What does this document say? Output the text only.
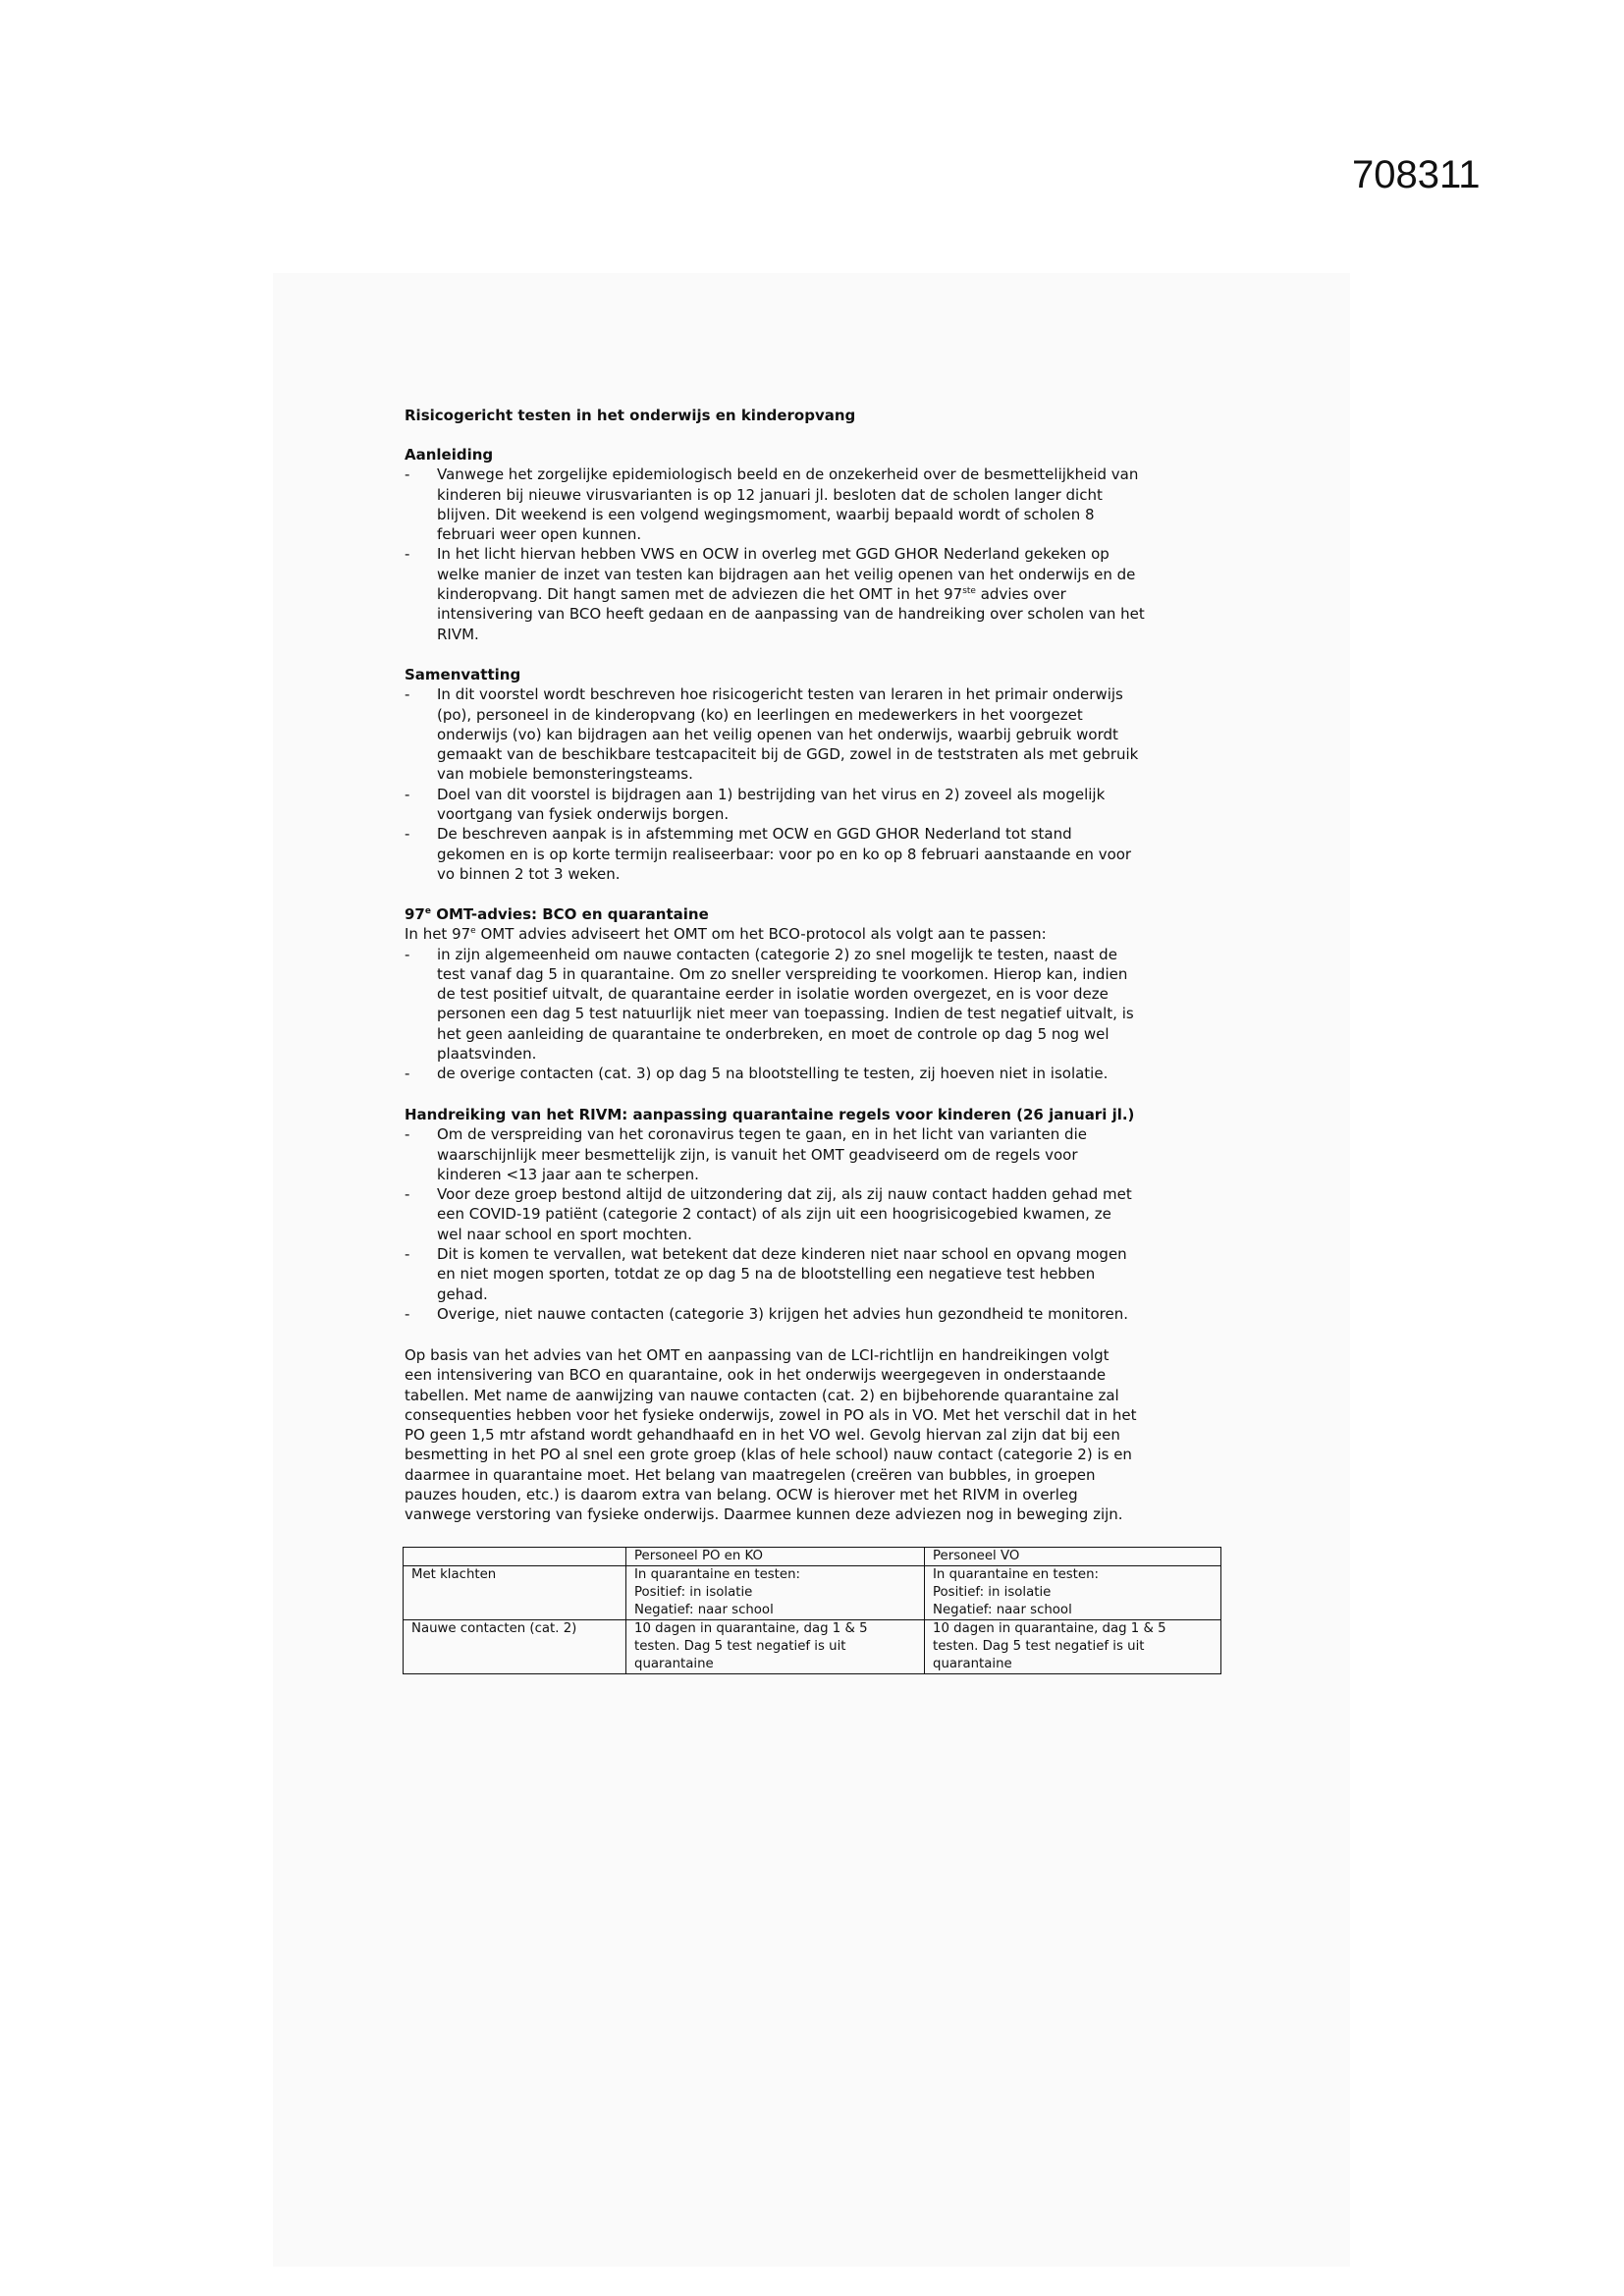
708311
Risicogericht testen in het onderwijs en kinderopvang
Aanleiding
- Vanwege het zorgelijke epidemiologisch beeld en de onzekerheid over de besmettelijkheid van
kinderen bij nieuwe virusvarianten is op 12 januari jl. besloten dat de scholen langer dicht
blijven. Dit weekend is een volgend wegingsmoment, waarbij bepaald wordt of scholen 8
februari weer open kunnen.
- In het licht hiervan hebben VWS en OCW in overleg met GGD GHOR Nederland gekeken op
welke manier de inzet van testen kan bijdragen aan het veilig openen van het onderwijs en de
kinderopvang. Dit hangt samen met de adviezen die het OMT in het 97ste advies over
intensivering van BCO heeft gedaan en de aanpassing van de handreiking over scholen van het
RIVM.
Samenvatting
- In dit voorstel wordt beschreven hoe risicogericht testen van leraren in het primair onderwijs
(po), personeel in de kinderopvang (ko) en leerlingen en medewerkers in het voorgezet
onderwijs (vo) kan bijdragen aan het veilig openen van het onderwijs, waarbij gebruik wordt
gemaakt van de beschikbare testcapaciteit bij de GGD, zowel in de teststraten als met gebruik
van mobiele bemonsteringsteams.
- Doel van dit voorstel is bijdragen aan 1) bestrijding van het virus en 2) zoveel als mogelijk
voortgang van fysiek onderwijs borgen.
- De beschreven aanpak is in afstemming met OCW en GGD GHOR Nederland tot stand
gekomen en is op korte termijn realiseerbaar: voor po en ko op 8 februari aanstaande en voor
vo binnen 2 tot 3 weken.
97e OMT-advies: BCO en quarantaine
In het 97e OMT advies adviseert het OMT om het BCO-protocol als volgt aan te passen:
- in zijn algemeenheid om nauwe contacten (categorie 2) zo snel mogelijk te testen, naast de
test vanaf dag 5 in quarantaine. Om zo sneller verspreiding te voorkomen. Hierop kan, indien
de test positief uitvalt, de quarantaine eerder in isolatie worden overgezet, en is voor deze
personen een dag 5 test natuurlijk niet meer van toepassing. Indien de test negatief uitvalt, is
het geen aanleiding de quarantaine te onderbreken, en moet de controle op dag 5 nog wel
plaatsvinden.
- de overige contacten (cat. 3) op dag 5 na blootstelling te testen, zij hoeven niet in isolatie.
Handreiking van het RIVM: aanpassing quarantaine regels voor kinderen (26 januari jl.)
- Om de verspreiding van het coronavirus tegen te gaan, en in het licht van varianten die
waarschijnlijk meer besmettelijk zijn, is vanuit het OMT geadviseerd om de regels voor
kinderen <13 jaar aan te scherpen.
- Voor deze groep bestond altijd de uitzondering dat zij, als zij nauw contact hadden gehad met
een COVID-19 patiënt (categorie 2 contact) of als zijn uit een hoogrisicogebied kwamen, ze
wel naar school en sport mochten.
- Dit is komen te vervallen, wat betekent dat deze kinderen niet naar school en opvang mogen
en niet mogen sporten, totdat ze op dag 5 na de blootstelling een negatieve test hebben
gehad.
- Overige, niet nauwe contacten (categorie 3) krijgen het advies hun gezondheid te monitoren.
Op basis van het advies van het OMT en aanpassing van de LCI-richtlijn en handreikingen volgt
een intensivering van BCO en quarantaine, ook in het onderwijs weergegeven in onderstaande
tabellen. Met name de aanwijzing van nauwe contacten (cat. 2) en bijbehorende quarantaine zal
consequenties hebben voor het fysieke onderwijs, zowel in PO als in VO. Met het verschil dat in het
PO geen 1,5 mtr afstand wordt gehandhaafd en in het VO wel. Gevolg hiervan zal zijn dat bij een
besmetting in het PO al snel een grote groep (klas of hele school) nauw contact (categorie 2) is en
daarmee in quarantaine moet. Het belang van maatregelen (creëren van bubbles, in groepen
pauzes houden, etc.) is daarom extra van belang. OCW is hierover met het RIVM in overleg
vanwege verstoring van fysieke onderwijs. Daarmee kunnen deze adviezen nog in beweging zijn.
	Personeel PO en KO	Personeel VO
Met klachten	In quarantaine en testen:
Positief: in isolatie
Negatief: naar school	In quarantaine en testen:
Positief: in isolatie
Negatief: naar school
Nauwe contacten (cat. 2)	10 dagen in quarantaine, dag 1 & 5
testen. Dag 5 test negatief is uit
quarantaine	10 dagen in quarantaine, dag 1 & 5
testen. Dag 5 test negatief is uit
quarantaine
